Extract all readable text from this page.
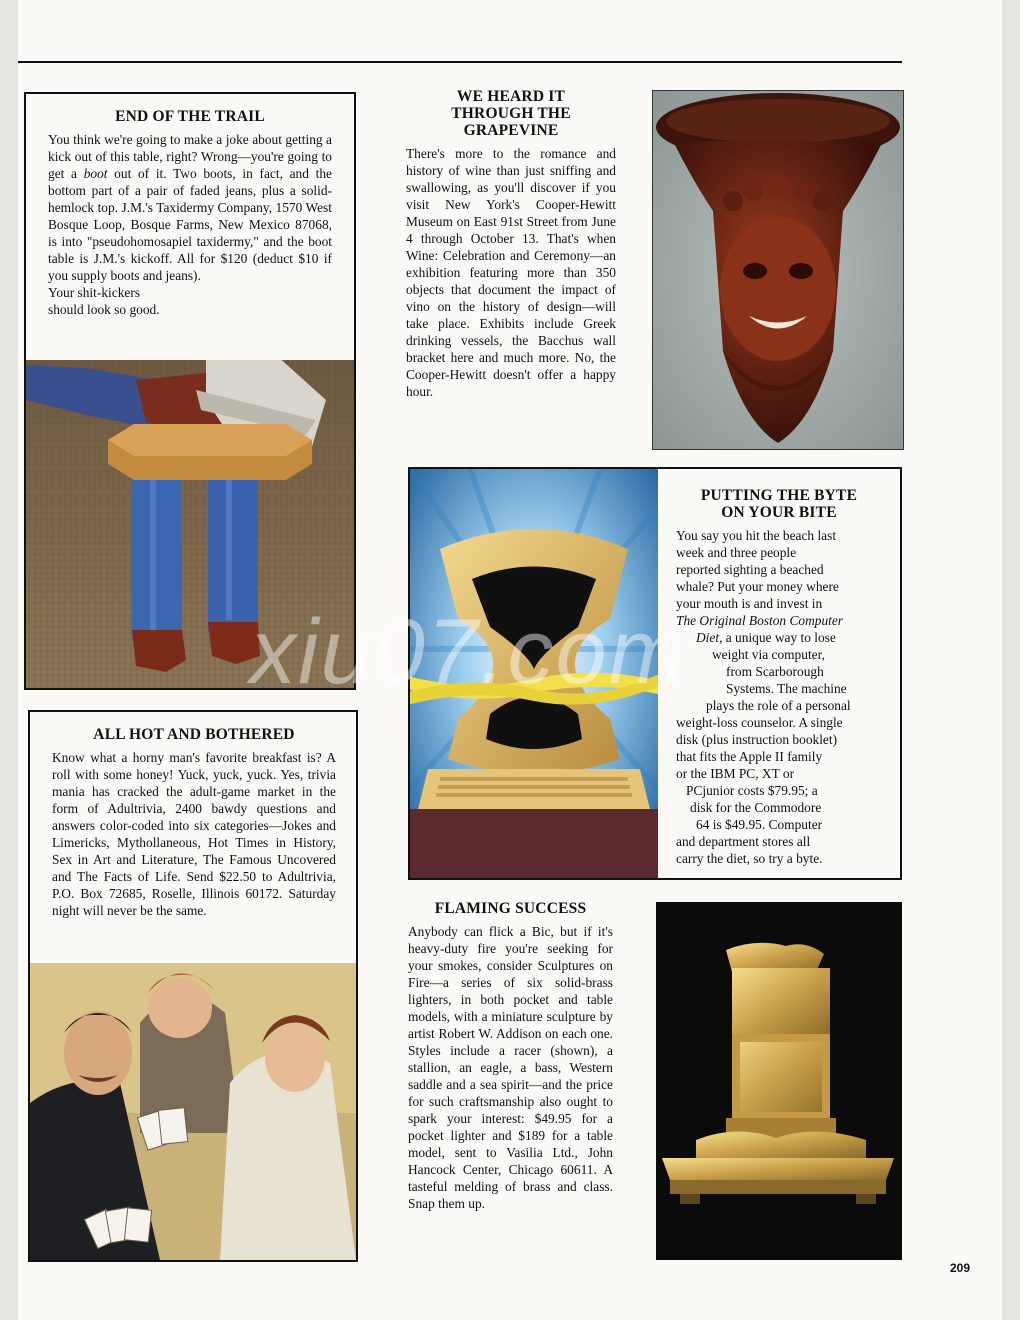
END OF THE TRAIL

You think we're going to make a joke about getting a kick out of this table, right? Wrong—you're going to get a boot out of it. Two boots, in fact, and the bottom part of a pair of faded jeans, plus a solid-hemlock top. J.M.'s Taxidermy Company, 1570 West Bosque Loop, Bosque Farms, New Mexico 87068, is into "pseudohomosapiel taxidermy," and the boot table is J.M.'s kickoff. All for $120 (deduct $10 if you supply boots and jeans).

Your shit-kickers
should look so good.

WE HEARD IT
THROUGH THE
GRAPEVINE

There's more to the romance and history of wine than just sniffing and swallowing, as you'll discover if you visit New York's Cooper-Hewitt Museum on East 91st Street from June 4 through October 13. That's when Wine: Celebration and Ceremony—an exhibition featuring more than 350 objects that document the impact of vino on the history of design—will take place. Exhibits include Greek drinking vessels, the Bacchus wall bracket here and much more. No, the Cooper-Hewitt doesn't offer a happy hour.

PUTTING THE BYTE
ON YOUR BITE
You say you hit the beach last
week and three people
reported sighting a beached
whale? Put your money where
your mouth is and invest in
The Original Boston Computer
Diet, a unique way to lose
weight via computer,
from Scarborough
Systems. The machine
plays the role of a personal
weight-loss counselor. A single
disk (plus instruction booklet)
that fits the Apple II family
or the IBM PC, XT or
PCjunior costs $79.95; a
disk for the Commodore
64 is $49.95. Computer
and department stores all
carry the diet, so try a byte.
ALL HOT AND BOTHERED

Know what a horny man's favorite breakfast is? A roll with some honey! Yuck, yuck, yuck. Yes, trivia mania has cracked the adult-game market in the form of Adultrivia, 2400 bawdy questions and answers color-coded into six categories—Jokes and Limericks, Mythollaneous, Hot Times in History, Sex in Art and Literature, The Famous Uncovered and The Facts of Life. Send $22.50 to Adultrivia, P.O. Box 72685, Roselle, Illinois 60172. Saturday night will never be the same.	FLAMING SUCCESS

Anybody can flick a Bic, but if it's heavy-duty fire you're seeking for your smokes, consider Sculptures on Fire—a series of six solid-brass lighters, in both pocket and table models, with a miniature sculpture by artist Robert W. Addison on each one. Styles include a racer (shown), a stallion, an eagle, a bass, Western saddle and a sea spirit—and the price for such craftsmanship also ought to spark your interest: $49.95 for a pocket lighter and $189 for a table model, sent to Vasilia Ltd., John Hancock Center, Chicago 60611. A tasteful melding of brass and class. Snap them up.

xiu07.com
209
